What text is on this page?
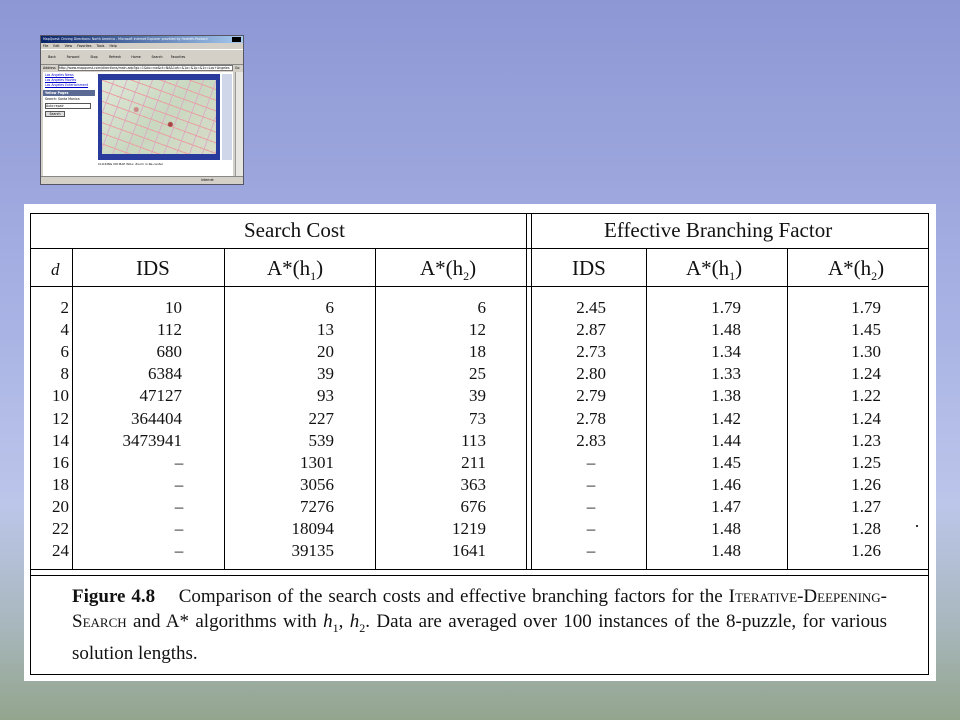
MapQuest: Driving Directions: North America - Microsoft Internet Explorer provided by Hewlett-Packard
File Edit View Favorites Tools Help
Back	Forward	Stop	Refresh	Home	Search	Favorites
Address http://www.mapquest.com/directions/main.adp?go=1&do=nw&ct=NA&1ah=&1a=&1p=&1c=Los+Angeles	Go
Los Angeles News
Los Angeles Movies
Los Angeles Entertainment
Yellow Pages
Search: Santa Monica
Auto repair
Search
CLICKING ON MAP WILL: Zoom in Re-center
Internet
Search Cost	Effective Branching Factor
d	IDS	$A*(h_1)$	$A*(h_2)$	IDS	$A*(h_1)$	$A*(h_2)$
2	10	6	6	2.45	1.79	1.79
4	112	13	12	2.87	1.48	1.45
6	680	20	18	2.73	1.34	1.30
8	6384	39	25	2.80	1.33	1.24
10	47127	93	39	2.79	1.38	1.22
12	364404	227	73	2.78	1.42	1.24
14	3473941	539	113	2.83	1.44	1.23
16	–	1301	211	–	1.45	1.25
18	–	3056	363	–	1.46	1.26
20	–	7276	676	–	1.47	1.27
22	–	18094	1219	–	1.48	1.28
24	–	39135	1641	–	1.48	1.26
Figure 4.8 Comparison of the search costs and effective branching factors for the Iterative-Deepening-Search and A* algorithms with $h_1$, $h_2$. Data are averaged over 100 instances of the 8-puzzle, for various solution lengths.
